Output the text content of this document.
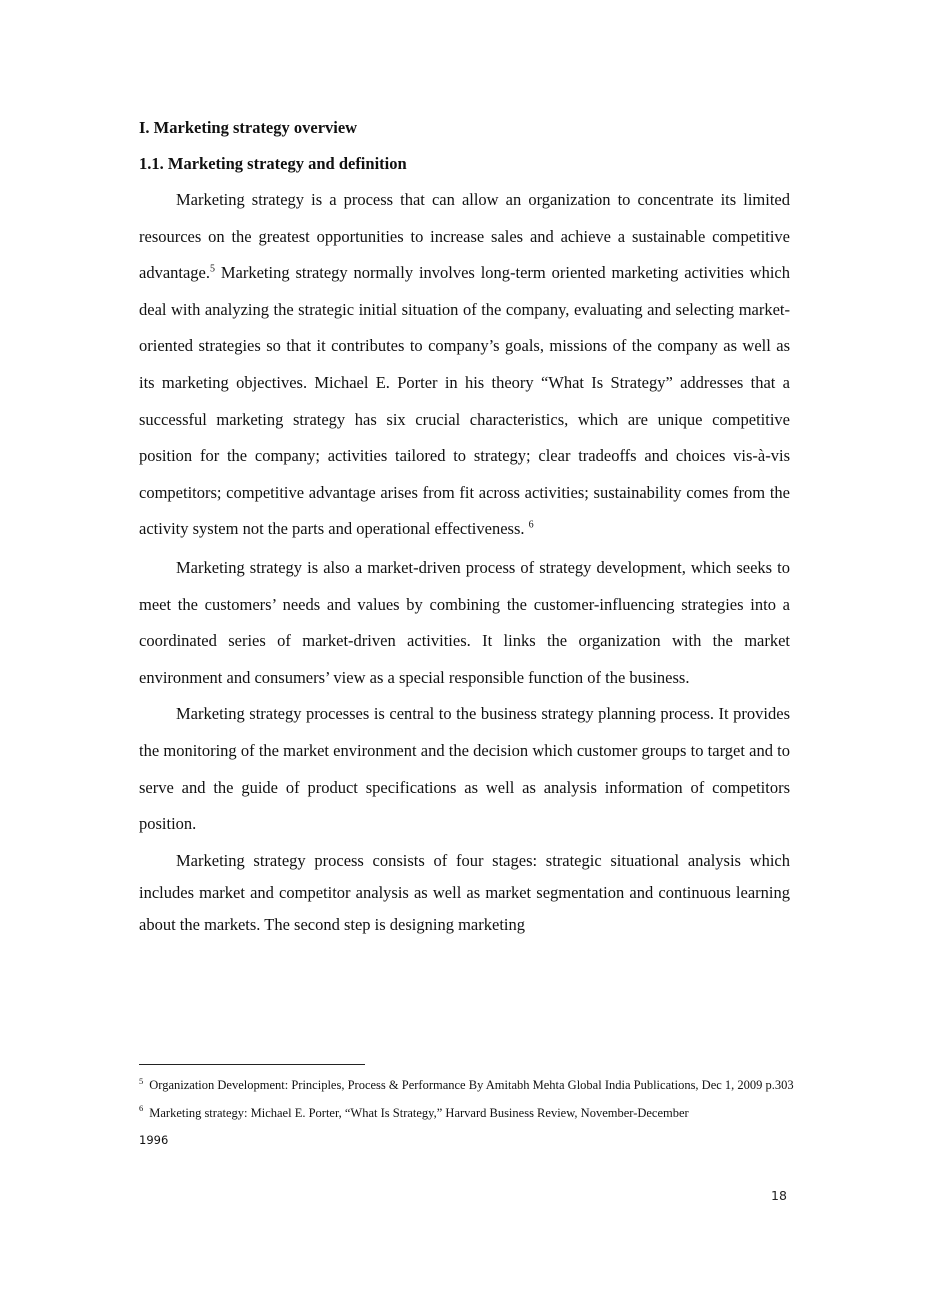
I. Marketing strategy overview

1.1. Marketing strategy and definition

Marketing strategy is a process that can allow an organization to concentrate its limited resources on the greatest opportunities to increase sales and achieve a sustainable competitive advantage.$^5$ Marketing strategy normally involves long-term oriented marketing activities which deal with analyzing the strategic initial situation of the company, evaluating and selecting market-oriented strategies so that it contributes to company’s goals, missions of the company as well as its marketing objectives. Michael E. Porter in his theory “What Is Strategy” addresses that a successful marketing strategy has six crucial characteristics, which are unique competitive position for the company; activities tailored to strategy; clear tradeoffs and choices vis-à-vis competitors; competitive advantage arises from fit across activities; sustainability comes from the activity system not the parts and operational effectiveness. $^6$

Marketing strategy is also a market-driven process of strategy development, which seeks to meet the customers’ needs and values by combining the customer-influencing strategies into a coordinated series of market-driven activities. It links the organization with the market environment and consumers’ view as a special responsible function of the business.

Marketing strategy processes is central to the business strategy planning process. It provides the monitoring of the market environment and the decision which customer groups to target and to serve and the guide of product specifications as well as analysis information of competitors position.

Marketing strategy process consists of four stages: strategic situational analysis which includes market and competitor analysis as well as market segmentation and continuous learning about the markets. The second step is designing marketing

$^5$ Organization Development: Principles, Process & Performance By Amitabh Mehta Global India Publications, Dec 1, 2009 p.303

$^6$ Marketing strategy: Michael E. Porter, “What Is Strategy,” Harvard Business Review, November-December
1996

18
